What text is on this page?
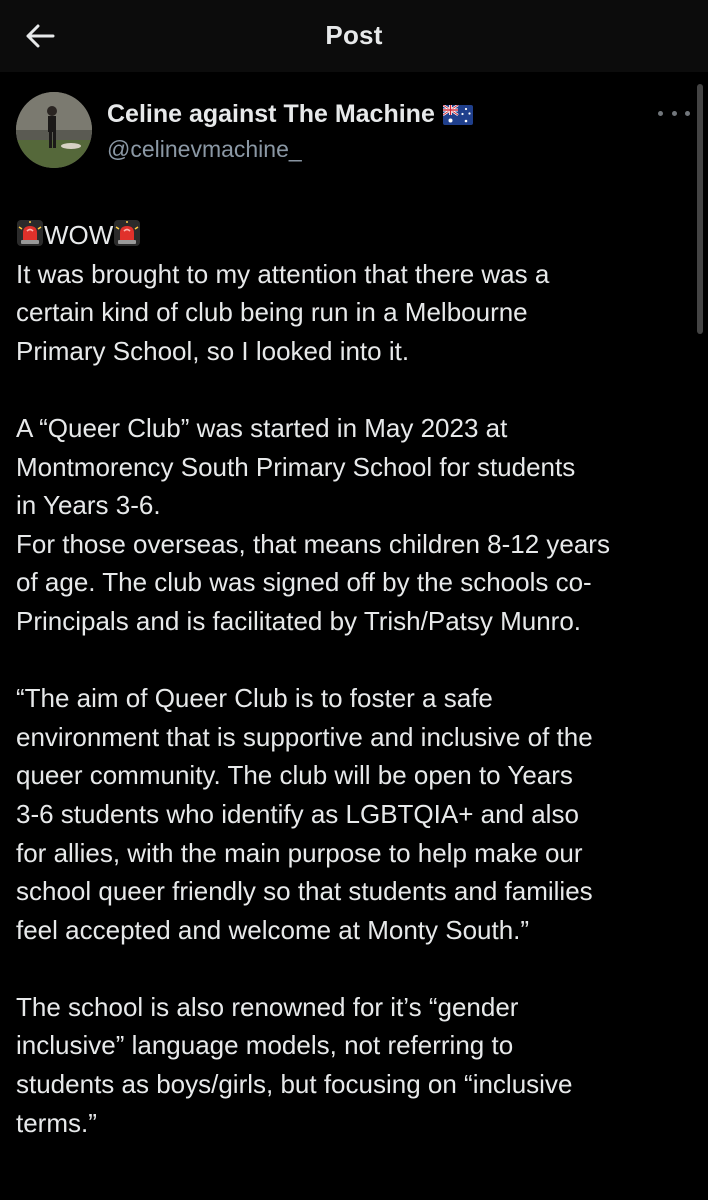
Post
Celine against The Machine
@celinevmachine_
WOW
It was brought to my attention that there was a
certain kind of club being run in a Melbourne
Primary School, so I looked into it.
A “Queer Club” was started in May 2023 at
Montmorency South Primary School for students
in Years 3-6.
For those overseas, that means children 8-12 years
of age. The club was signed off by the schools co-
Principals and is facilitated by Trish/Patsy Munro.
“The aim of Queer Club is to foster a safe
environment that is supportive and inclusive of the
queer community. The club will be open to Years
3-6 students who identify as LGBTQIA+ and also
for allies, with the main purpose to help make our
school queer friendly so that students and families
feel accepted and welcome at Monty South.”
The school is also renowned for it’s “gender
inclusive” language models, not referring to
students as boys/girls, but focusing on “inclusive
terms.”
